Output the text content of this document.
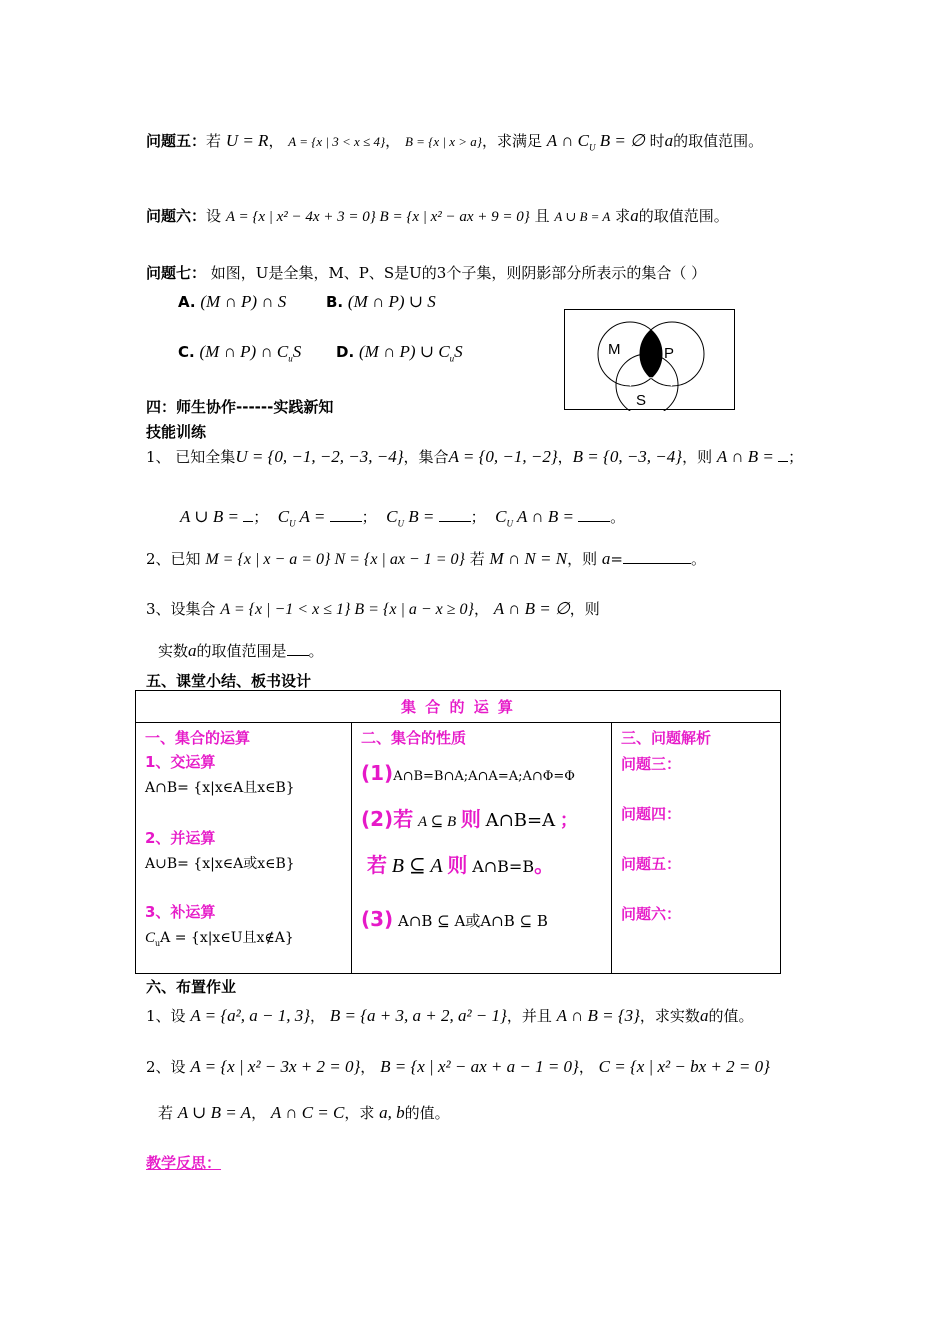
问题五：若 U = R， A = {x | 3 < x ≤ 4}， B = {x | x > a}，求满足 A ∩ $C_U$ B = ∅ 时a的取值范围。
问题六：设 A = {x | x² − 4x + 3 = 0} B = {x | x² − ax + 9 = 0} 且 A ∪ B = A 求a的取值范围。
问题七： 如图，U是全集，M、P、S是U的3个子集，则阴影部分所表示的集合（ ）
A. (M ∩ P) ∩ S	B. (M ∩ P) ∪ S
C. (M ∩ P) ∩ $C_uS$ D. (M ∩ P) ∪ $C_uS$	M	P
S
四：师生协作------实践新知
技能训练
1、 已知全集U = {0, −1, −2, −3, −4}，集合A = {0, −1, −2}，B = {0, −3, −4}，则 A ∩ B = ；
A ∪ B = ； $C_U$ A = ； $C_U$ B = ； $C_U$ A ∩ B = 。
2、已知 M = {x | x − a = 0} N = {x | ax − 1 = 0} 若 M ∩ N = N，则 a=	。
3、设集合 A = {x | −1 < x ≤ 1} B = {x | a − x ≥ 0}， A ∩ B = ∅，则
实数a的取值范围是 。
五、课堂小结、板书设计
集 合 的 运 算

一、集合的运算
1、交运算
A∩B= {x|x∈A且x∈B}
2、并运算
A∪B= {x|x∈A或x∈B}
3、补运算
$C_uA$ = {x|x∈U且x∉A}

二、集合的性质
(1)A∩B=B∩A;A∩A=A;A∩Φ=Φ
(2)若 A ⊆ B 则 A∩B=A ；
若 B ⊆ A 则 A∩B=B。
(3) A∩B ⊆ A或A∩B ⊆ B

三、问题解析
问题三：
问题四：
问题五：
问题六：
六、布置作业
1、设 A = {a², a − 1, 3}， B = {a + 3, a + 2, a² − 1}，并且 A ∩ B = {3}，求实数a的值。
2、设 A = {x | x² − 3x + 2 = 0}， B = {x | x² − ax + a − 1 = 0}， C = {x | x² − bx + 2 = 0}
若 A ∪ B = A， A ∩ C = C，求 a, b的值。
教学反思：
